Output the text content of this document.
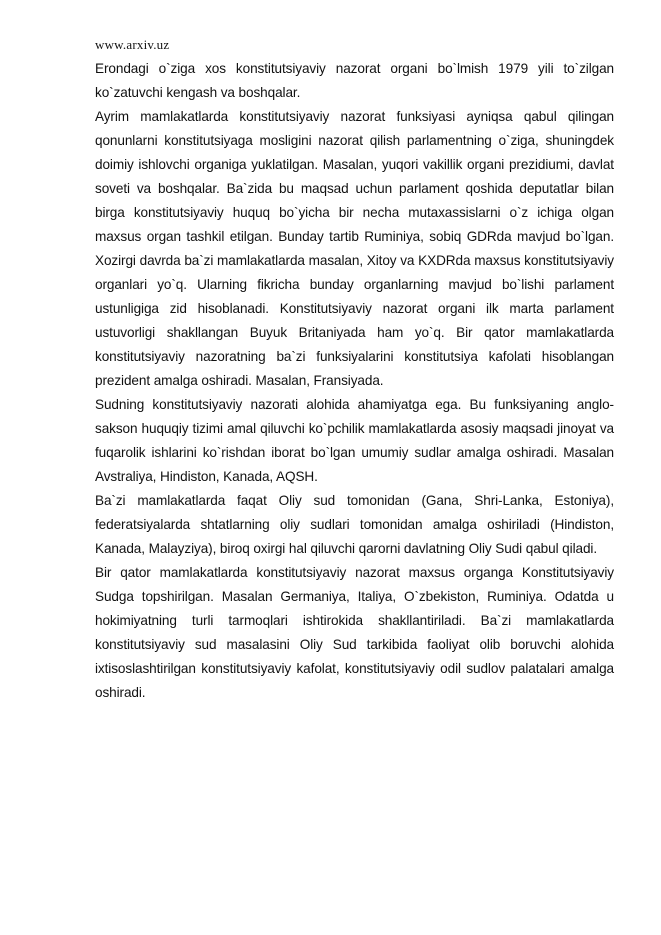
www.arxiv.uz

Erondagi o`ziga xos konstitutsiyaviy nazorat organi bo`lmish 1979 yili to`zilgan ko`zatuvchi kengash va boshqalar.

Ayrim mamlakatlarda konstitutsiyaviy nazorat funksiyasi ayniqsa qabul qilingan qonunlarni konstitutsiyaga mosligini nazorat qilish parlamentning o`ziga, shuningdek doimiy ishlovchi organiga yuklatilgan. Masalan, yuqori vakillik organi prezidiumi, davlat soveti va boshqalar. Ba`zida bu maqsad uchun parlament qoshida deputatlar bilan birga konstitutsiyaviy huquq bo`yicha bir necha mutaxassislarni o`z ichiga olgan maxsus organ tashkil etilgan. Bunday tartib Ruminiya, sobiq GDRda mavjud bo`lgan. Xozirgi davrda ba`zi mamlakatlarda masalan, Xitoy va KXDRda maxsus konstitutsiyaviy organlari yo`q. Ularning fikricha bunday organlarning mavjud bo`lishi parlament ustunligiga zid hisoblanadi. Konstitutsiyaviy nazorat organi ilk marta parlament ustuvorligi shakllangan Buyuk Britaniyada ham yo`q. Bir qator mamlakatlarda konstitutsiyaviy nazoratning ba`zi funksiyalarini konstitutsiya kafolati hisoblangan prezident amalga oshiradi. Masalan, Fransiyada.

Sudning konstitutsiyaviy nazorati alohida ahamiyatga ega. Bu funksiyaning anglo-sakson huquqiy tizimi amal qiluvchi ko`pchilik mamlakatlarda asosiy maqsadi jinoyat va fuqarolik ishlarini ko`rishdan iborat bo`lgan umumiy sudlar amalga oshiradi. Masalan Avstraliya, Hindiston, Kanada, AQSH.

Ba`zi mamlakatlarda faqat Oliy sud tomonidan (Gana, Shri-Lanka, Estoniya), federatsiyalarda shtatlarning oliy sudlari tomonidan amalga oshiriladi (Hindiston, Kanada, Malayziya), biroq oxirgi hal qiluvchi qarorni davlatning Oliy Sudi qabul qiladi.

Bir qator mamlakatlarda konstitutsiyaviy nazorat maxsus organga Konstitutsiyaviy Sudga topshirilgan. Masalan Germaniya, Italiya, O`zbekiston, Ruminiya. Odatda u hokimiyatning turli tarmoqlari ishtirokida shakllantiriladi. Ba`zi mamlakatlarda konstitutsiyaviy sud masalasini Oliy Sud tarkibida faoliyat olib boruvchi alohida ixtisoslashtirilgan konstitutsiyaviy kafolat, konstitutsiyaviy odil sudlov palatalari amalga oshiradi.
